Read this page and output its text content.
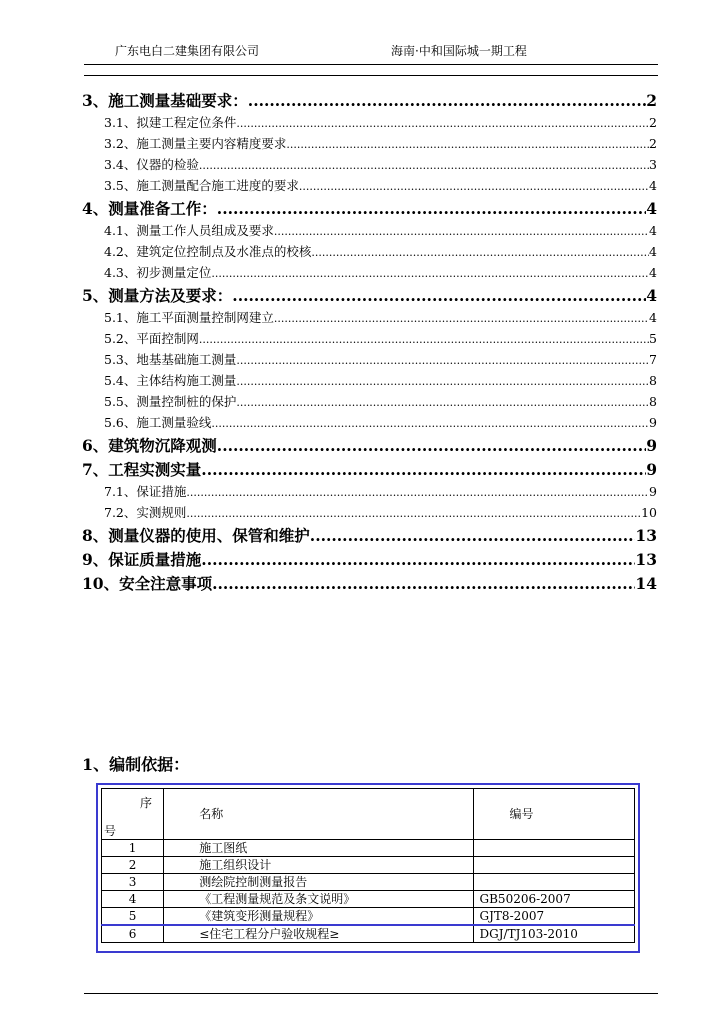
广东电白二建集团有限公司	海南·中和国际城一期工程
3、施工测量基础要求： .....	2
3.1、拟建工程定位条件 .....	2
3.2、施工测量主要内容精度要求 .....	2
3.4、仪器的检验 .....	3
3.5、施工测量配合施工进度的要求 .....	4
4、测量准备工作： .....	4
4.1、测量工作人员组成及要求 .....	4
4.2、建筑定位控制点及水准点的校核 .....	4
4.3、初步测量定位 .....	4
5、测量方法及要求： .....	4
5.1、施工平面测量控制网建立 .....	4
5.2、平面控制网 .....	5
5.3、地基基础施工测量 .....	7
5.4、主体结构施工测量 .....	8
5.5、测量控制桩的保护 .....	8
5.6、施工测量验线 .....	9
6、建筑物沉降观测 .....	9
7、工程实测实量 .....	9
7.1、保证措施 .....	9
7.2、实测规则 .....	10
8、测量仪器的使用、保管和维护 .....	13
9、保证质量措施 .....	13
10、安全注意事项 .....	14
1、编制依据：
序
号	名称	编号
1	施工图纸	
2	施工组织设计	
3	测绘院控制测量报告	
4	《工程测量规范及条文说明》	GB50206-2007
5	《建筑变形测量规程》	GJT8-2007
6	≤住宅工程分户验收规程≥	DGJ/TJ103-2010
